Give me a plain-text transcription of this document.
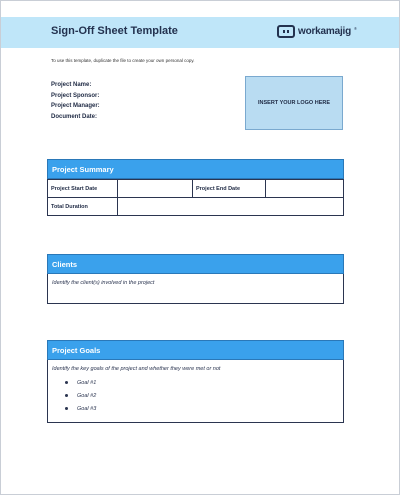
Sign-Off Sheet Template	workamajig ®
To use this template, duplicate the file to create your own personal copy.
Project Name:
Project Sponsor:
Project Manager:
Document Date:
INSERT YOUR LOGO HERE
Project Summary
Project Start Date		Project End Date	
Total Duration			
Clients
Identify the client(s) involved in the project
Project Goals
Identify the key goals of the project and whether they were met or not
Goal #1
Goal #2
Goal #3
